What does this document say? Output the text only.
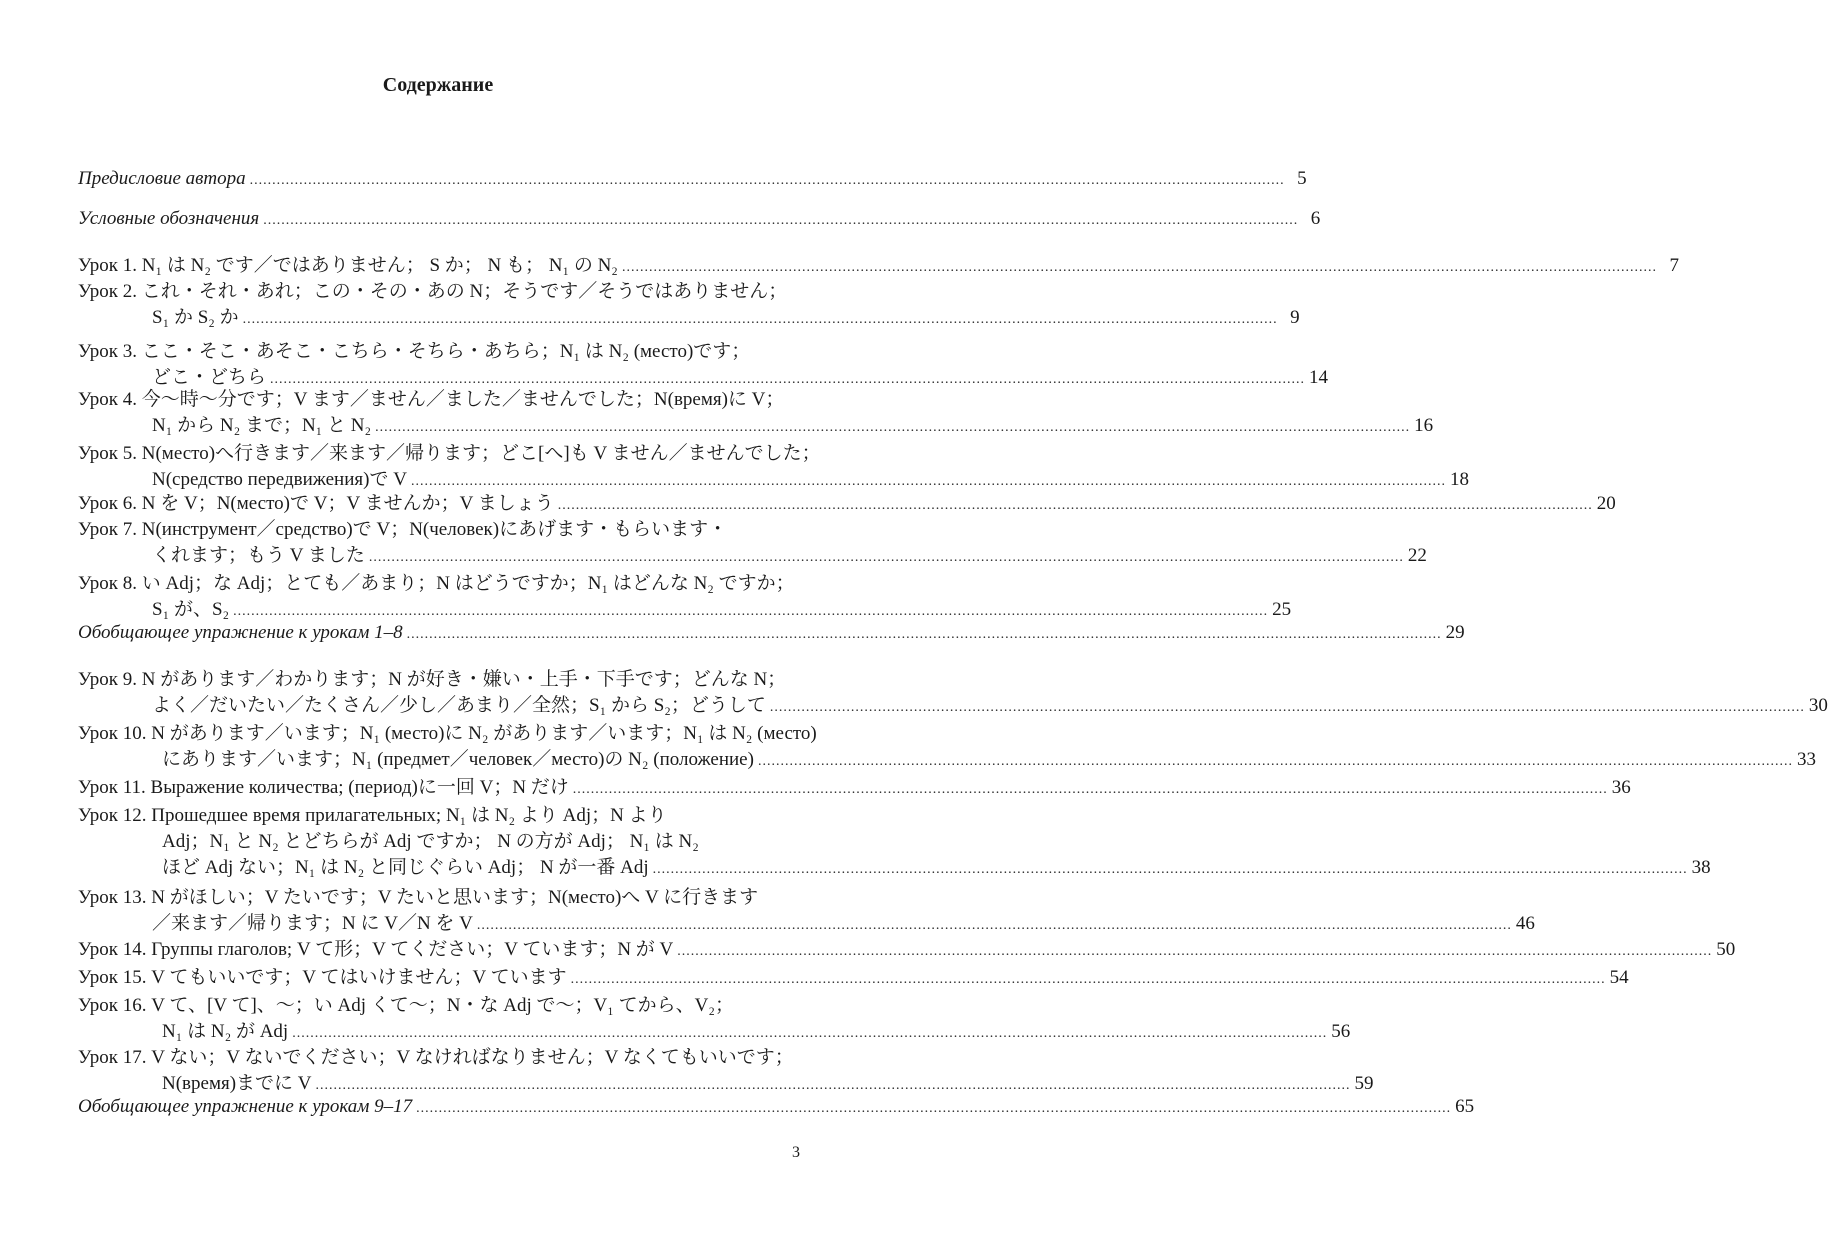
Содержание
Предисловие автора .....	5
Условные обозначения .....	6
Урок 1. N₁ は N₂ です／ではありません； S か； N も； N₁ の N₂ .....	7
Урок 2. これ・それ・あれ；この・その・あの N；そうです／そうではありません；
S₁ か S₂ か .....	9
Урок 3. ここ・そこ・あそこ・こちら・そちら・あちら；N₁ は N₂ (место)です；
どこ・どちら .....	14
Урок 4. 今〜時〜分です；V ます／ません／ました／ませんでした；N(время)に V；
N₁ から N₂ まで；N₁ と N₂ .....	16
Урок 5. N(место)へ行きます／来ます／帰ります；どこ[へ]も V ません／ませんでした；
N(средство передвижения)で V .....	18
Урок 6. N を V；N(место)で V；V ませんか；V ましょう .....	20
Урок 7. N(инструмент／средство)で V；N(человек)にあげます・もらいます・
くれます；もう V ました .....	22
Урок 8. い Adj；な Adj；とても／あまり；N はどうですか；N₁ はどんな N₂ ですか；
S₁ が、S₂ .....	25
Обобщающее упражнение к урокам 1–8 .....	29
Урок 9. N があります／わかります；N が好き・嫌い・上手・下手です；どんな N；
よく／だいたい／たくさん／少し／あまり／全然；S₁ から S₂；どうして .....	30
Урок 10. N があります／います；N₁ (место)に N₂ があります／います；N₁ は N₂ (место)
にあります／います；N₁ (предмет／человек／место)の N₂ (положение) .....	33
Урок 11. Выражение количества; (период)に一回 V；N だけ .....	36
Урок 12. Прошедшее время прилагательных; N₁ は N₂ より Adj；N より
Adj；N₁ と N₂ とどちらが Adj ですか； N の方が Adj； N₁ は N₂
ほど Adj ない；N₁ は N₂ と同じぐらい Adj； N が一番 Adj .....	38
Урок 13. N がほしい；V たいです；V たいと思います；N(место)へ V に行きます
／来ます／帰ります；N に V／N を V .....	46
Урок 14. Группы глаголов; V て形；V てください；V ています；N が V .....	50
Урок 15. V てもいいです；V てはいけません；V ています .....	54
Урок 16. V て、[V て]、〜；い Adj くて〜；N・な Adj で〜；V₁ てから、V₂；
N₁ は N₂ が Adj .....	56
Урок 17. V ない；V ないでください；V なければなりません；V なくてもいいです；
N(время)までに V .....	59
Обобщающее упражнение к урокам 9–17 .....	65
3
